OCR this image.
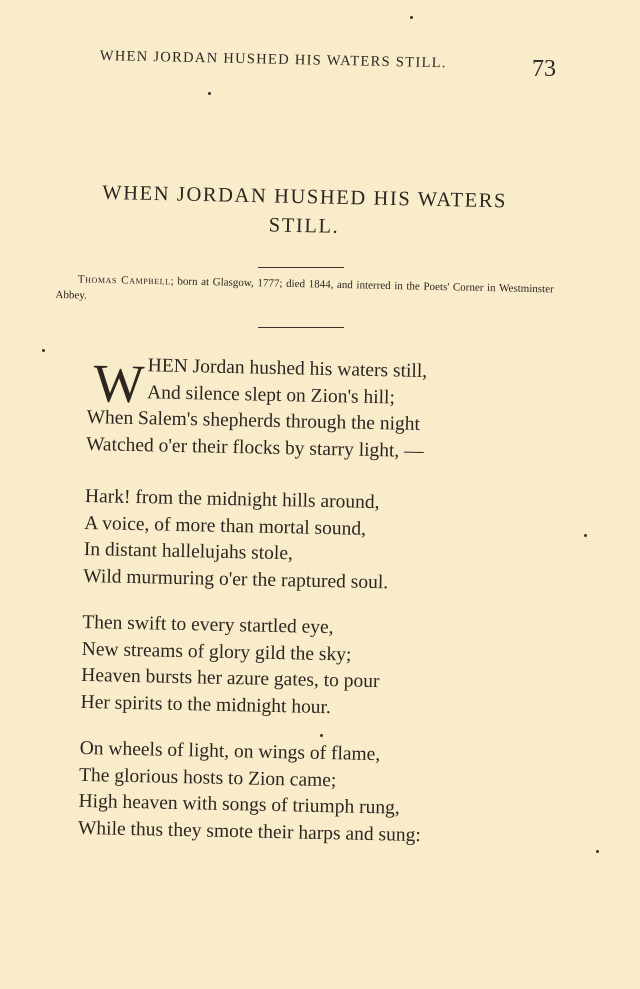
WHEN JORDAN HUSHED HIS WATERS STILL.	73
WHEN JORDAN HUSHED HIS WATERS
STILL.
Thomas Campbell; born at Glasgow, 1777; died 1844, and interred in the Poets' Corner in Westminster Abbey.
W HEN Jordan hushed his waters still,
And silence slept on Zion's hill;
When Salem's shepherds through the night
Watched o'er their flocks by starry light, —
Hark! from the midnight hills around,
A voice, of more than mortal sound,
In distant hallelujahs stole,
Wild murmuring o'er the raptured soul.
Then swift to every startled eye,
New streams of glory gild the sky;
Heaven bursts her azure gates, to pour
Her spirits to the midnight hour.
On wheels of light, on wings of flame,
The glorious hosts to Zion came;
High heaven with songs of triumph rung,
While thus they smote their harps and sung:
